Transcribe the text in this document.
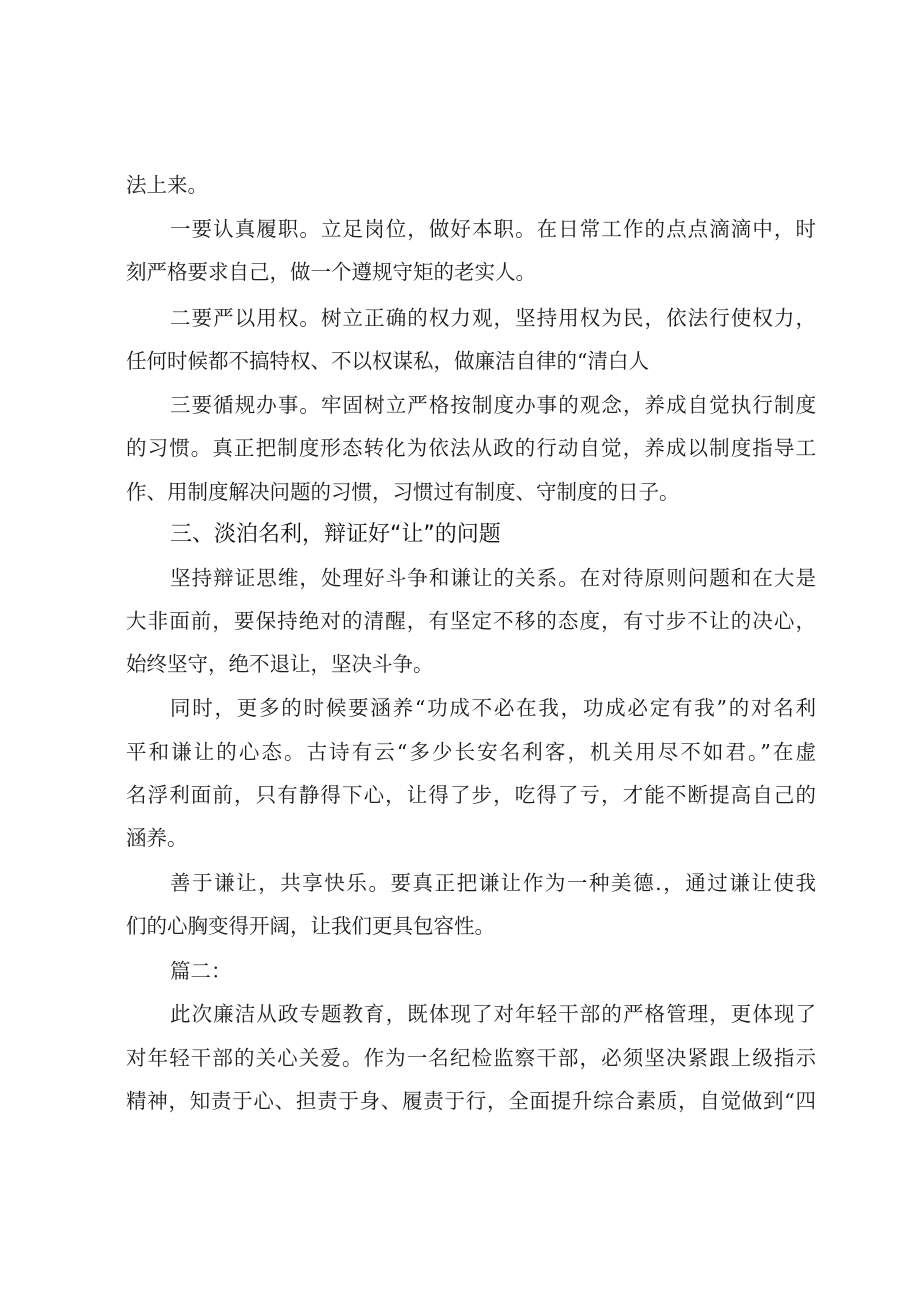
法上来。
一要认真履职。立足岗位，做好本职。在日常工作的点点滴滴中，时
刻严格要求自己，做一个遵规守矩的老实人。
二要严以用权。树立正确的权力观，坚持用权为民，依法行使权力，
任何时候都不搞特权、不以权谋私，做廉洁自律的“清白人
三要循规办事。牢固树立严格按制度办事的观念，养成自觉执行制度
的习惯。真正把制度形态转化为依法从政的行动自觉，养成以制度指导工
作、用制度解决问题的习惯，习惯过有制度、守制度的日子。
三、淡泊名利，辩证好“让”的问题
坚持辩证思维，处理好斗争和谦让的关系。在对待原则问题和在大是
大非面前，要保持绝对的清醒，有坚定不移的态度，有寸步不让的决心，
始终坚守，绝不退让，坚决斗争。
同时，更多的时候要涵养“功成不必在我，功成必定有我”的对名利
平和谦让的心态。古诗有云“多少长安名利客，机关用尽不如君。”在虚
名浮利面前，只有静得下心，让得了步，吃得了亏，才能不断提高自己的
涵养。
善于谦让，共享快乐。要真正把谦让作为一种美德.，通过谦让使我
们的心胸变得开阔，让我们更具包容性。
篇二：
此次廉洁从政专题教育，既体现了对年轻干部的严格管理，更体现了
对年轻干部的关心关爱。作为一名纪检监察干部，必须坚决紧跟上级指示
精神，知责于心、担责于身、履责于行，全面提升综合素质，自觉做到“四
